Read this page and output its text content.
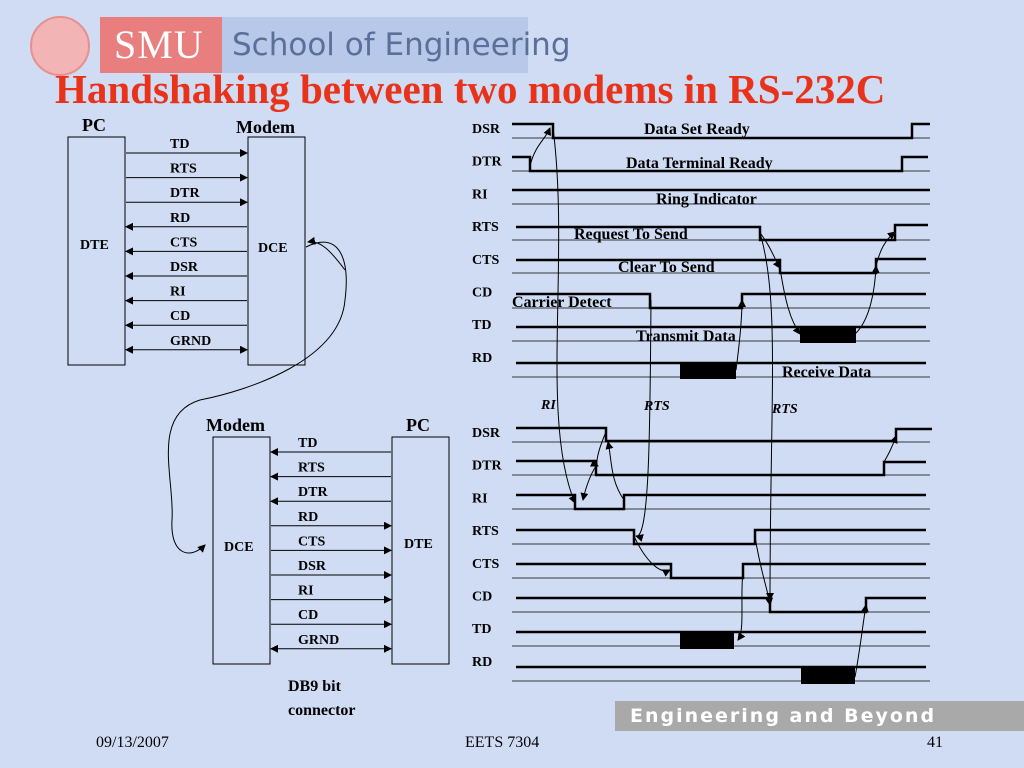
SMU School of Engineering
Handshaking between two modems in RS-232C
PC	Modem
DTE	DCE
TD
RTS
DTR
RD
CTS
DSR
RI
CD
GRND
Modem	PC
DCE	DTE
TD
RTS
DTR
RD
CTS
DSR
RI
CD
GRND
DB9 bit
connector
DSR
DTR
RI
RTS
CTS
CD
TD
RD
Data Set Ready
Data Terminal Ready
Ring Indicator
Request To Send
Clear To Send
Carrier Detect
Transmit Data
Receive Data
DSR
DTR
RI
RTS
CTS
CD
TD
RD
RI	RTS	RTS
Engineering and Beyond
09/13/2007	EETS 7304	41
